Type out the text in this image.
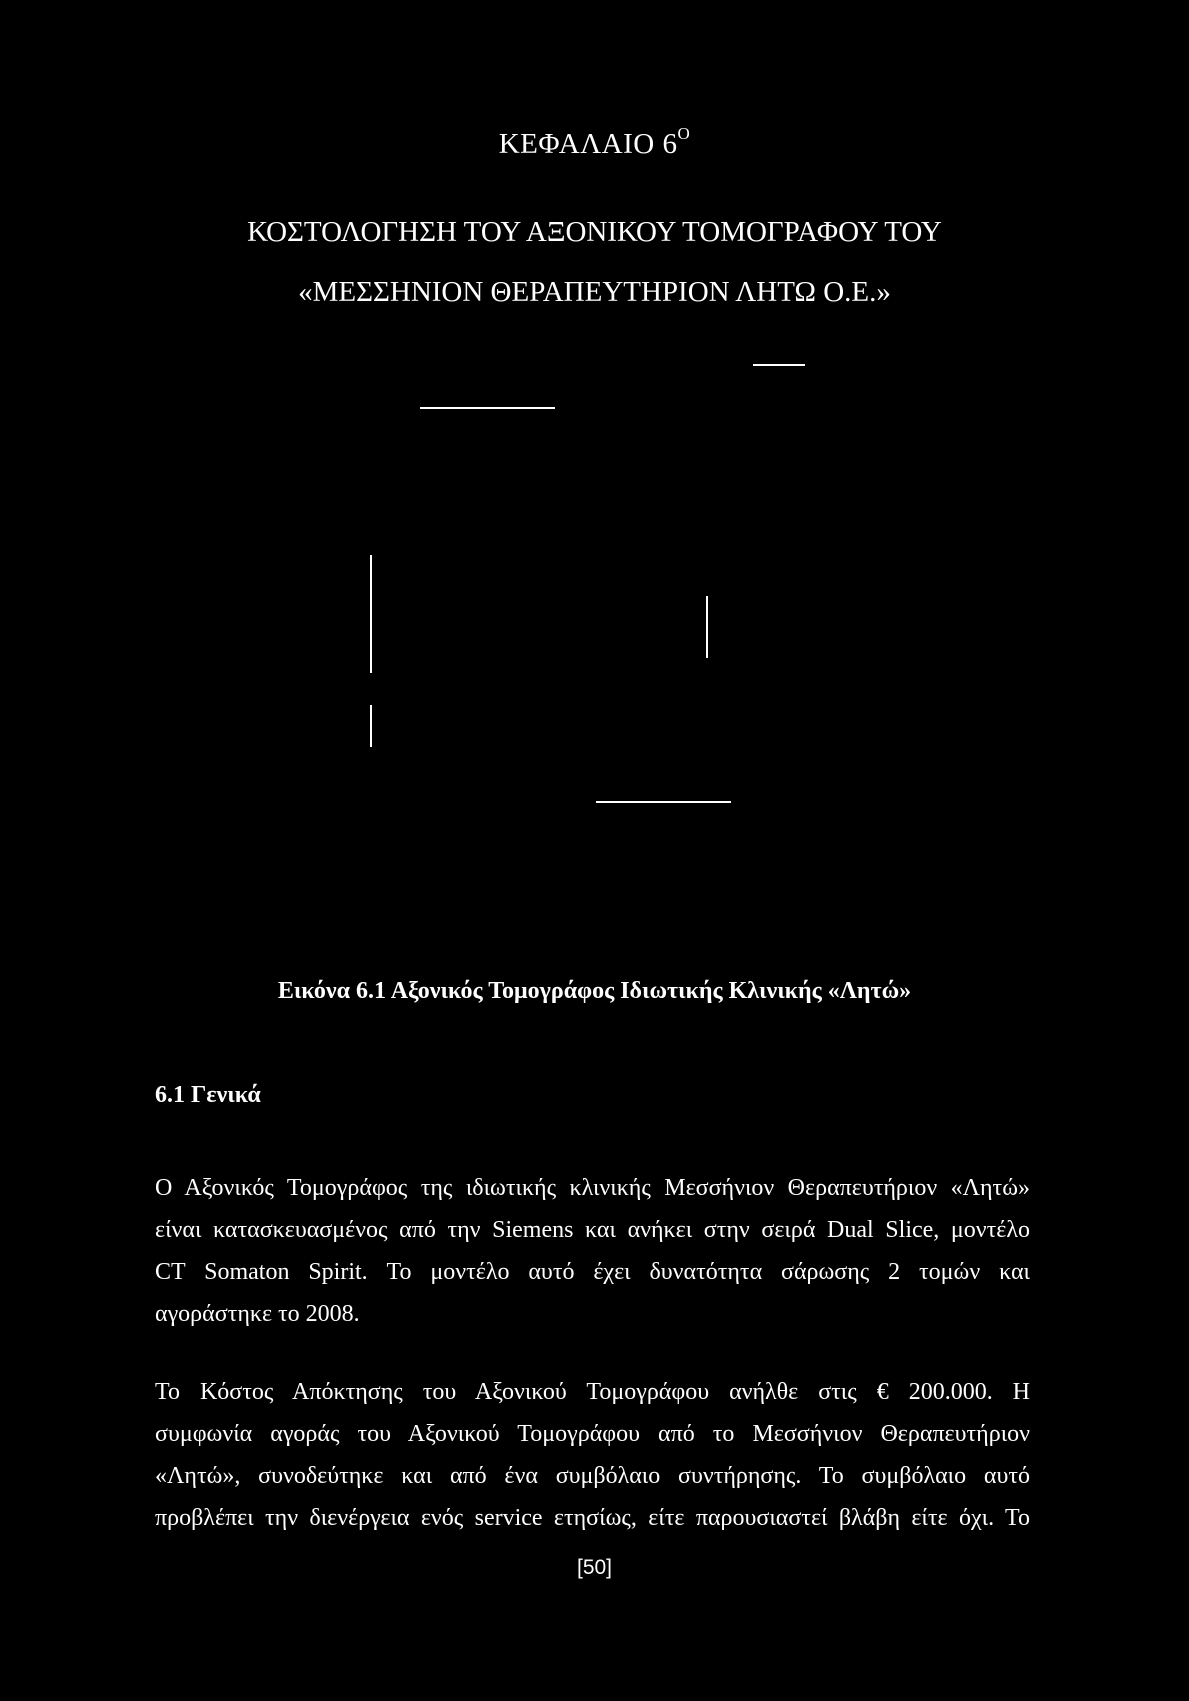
ΚΕΦΑΛΑΙΟ $6^O$
ΚΟΣΤΟΛΟΓΗΣΗ ΤΟΥ ΑΞΟΝΙΚΟΥ ΤΟΜΟΓΡΑΦΟΥ ΤΟΥ
«ΜΕΣΣΗΝΙΟΝ ΘΕΡΑΠΕΥΤΗΡΙΟΝ ΛΗΤΩ Ο.Ε.»
Εικόνα 6.1 Αξονικός Τομογράφος Ιδιωτικής Κλινικής «Λητώ»
6.1 Γενικά
Ο Αξονικός Τομογράφος της ιδιωτικής κλινικής Μεσσήνιον Θεραπευτήριον «Λητώ»
είναι κατασκευασμένος από την Siemens και ανήκει στην σειρά Dual Slice, μοντέλο
CT Somaton Spirit. Το μοντέλο αυτό έχει δυνατότητα σάρωσης 2 τομών και
αγοράστηκε το 2008.
Το Κόστος Απόκτησης του Αξονικού Τομογράφου ανήλθε στις € 200.000. Η
συμφωνία αγοράς του Αξονικού Τομογράφου από το Μεσσήνιον Θεραπευτήριον
«Λητώ», συνοδεύτηκε και από ένα συμβόλαιο συντήρησης. Το συμβόλαιο αυτό
προβλέπει την διενέργεια ενός service ετησίως, είτε παρουσιαστεί βλάβη είτε όχι. Το
[50]
